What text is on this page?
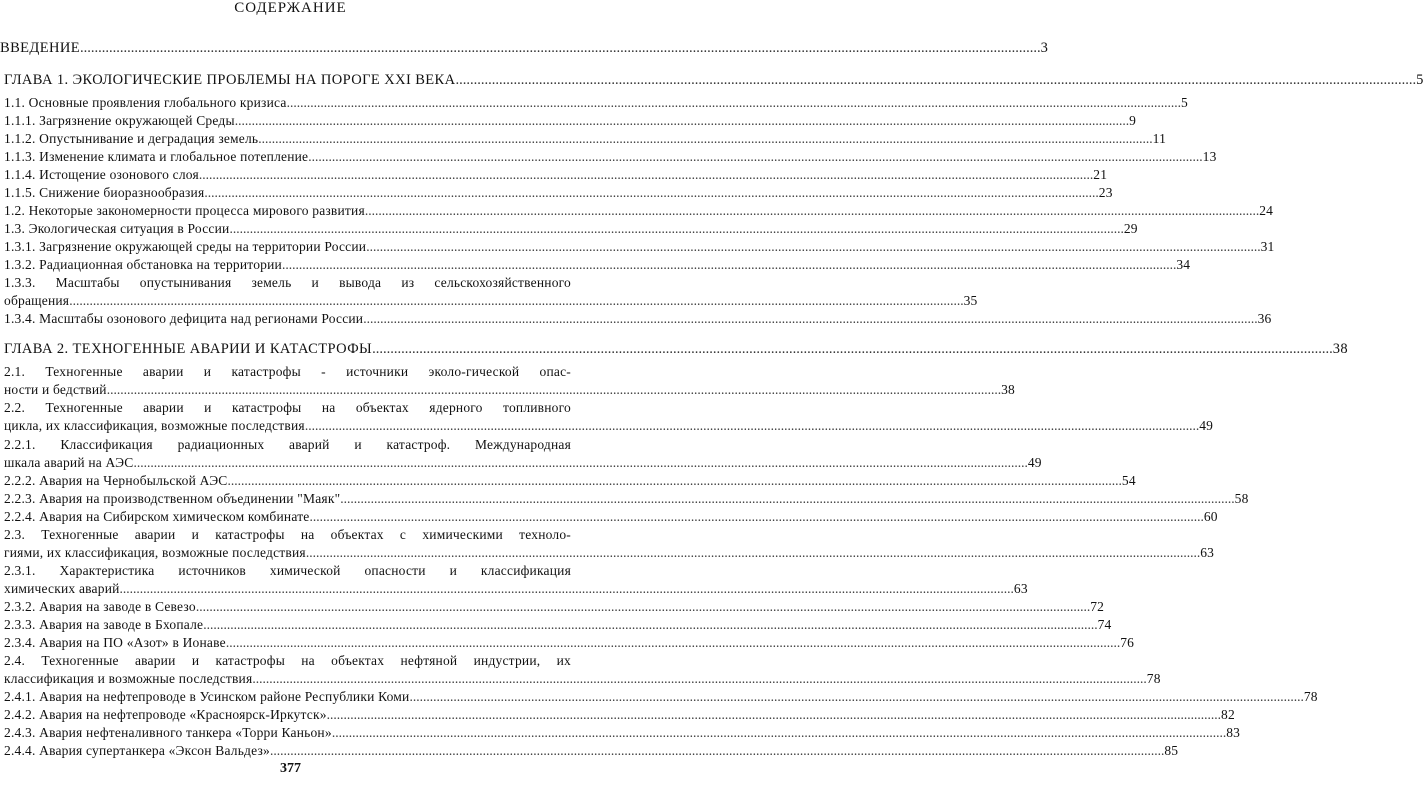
СОДЕРЖАНИЕ
ВВЕДЕНИЕ .....	3
ГЛАВА 1. ЭКОЛОГИЧЕСКИЕ ПРОБЛЕМЫ НА ПОРОГЕ XXI ВЕКА .....	5
1.1. Основные проявления глобального кризиса .....	5
1.1.1. Загрязнение окружающей Среды .....	9
1.1.2. Опустынивание и деградация земель .....	11
1.1.3. Изменение климата и глобальное потепление .....	13
1.1.4. Истощение озонового слоя .....	21
1.1.5. Снижение биоразнообразия .....	23
1.2. Некоторые закономерности процесса мирового развития .....	24
1.3. Экологическая ситуация в России .....	29
1.3.1. Загрязнение окружающей среды на территории России .....	31
1.3.2. Радиационная обстановка на территории .....	34
1.3.3. Масштабы опустынивания земель и вывода из сельскохозяйственного
обращения .....	35
1.3.4. Масштабы озонового дефицита над регионами России .....	36
ГЛАВА 2. ТЕХНОГЕННЫЕ АВАРИИ И КАТАСТРОФЫ .....	38
2.1. Техногенные аварии и катастрофы - источники эколо-гической опас-
ности и бедствий .....	38
2.2. Техногенные аварии и катастрофы на объектах ядерного топливного
цикла, их классификация, возможные последствия .....	49
2.2.1. Классификация радиационных аварий и катастроф. Международная
шкала аварий на АЭС .....	49
2.2.2. Авария на Чернобыльской АЭС .....	54
2.2.3. Авария на производственном объединении "Маяк" .....	58
2.2.4. Авария на Сибирском химическом комбинате .....	60
2.3. Техногенные аварии и катастрофы на объектах с химическими техноло-
гиями, их классификация, возможные последствия .....	63
2.3.1. Характеристика источников химической опасности и классификация
химических аварий .....	63
2.3.2. Авария на заводе в Севезо .....	72
2.3.3. Авария на заводе в Бхопале .....	74
2.3.4. Авария на ПО «Азот» в Ионаве .....	76
2.4. Техногенные аварии и катастрофы на объектах нефтяной индустрии, их
классификация и возможные последствия .....	78
2.4.1. Авария на нефтепроводе в Усинском районе Республики Коми .....	78
2.4.2. Авария на нефтепроводе «Красноярск-Иркутск» .....	82
2.4.3. Авария нефтеналивного танкера «Торри Каньон» .....	83
2.4.4. Авария супертанкера «Эксон Вальдез» .....	85
377
